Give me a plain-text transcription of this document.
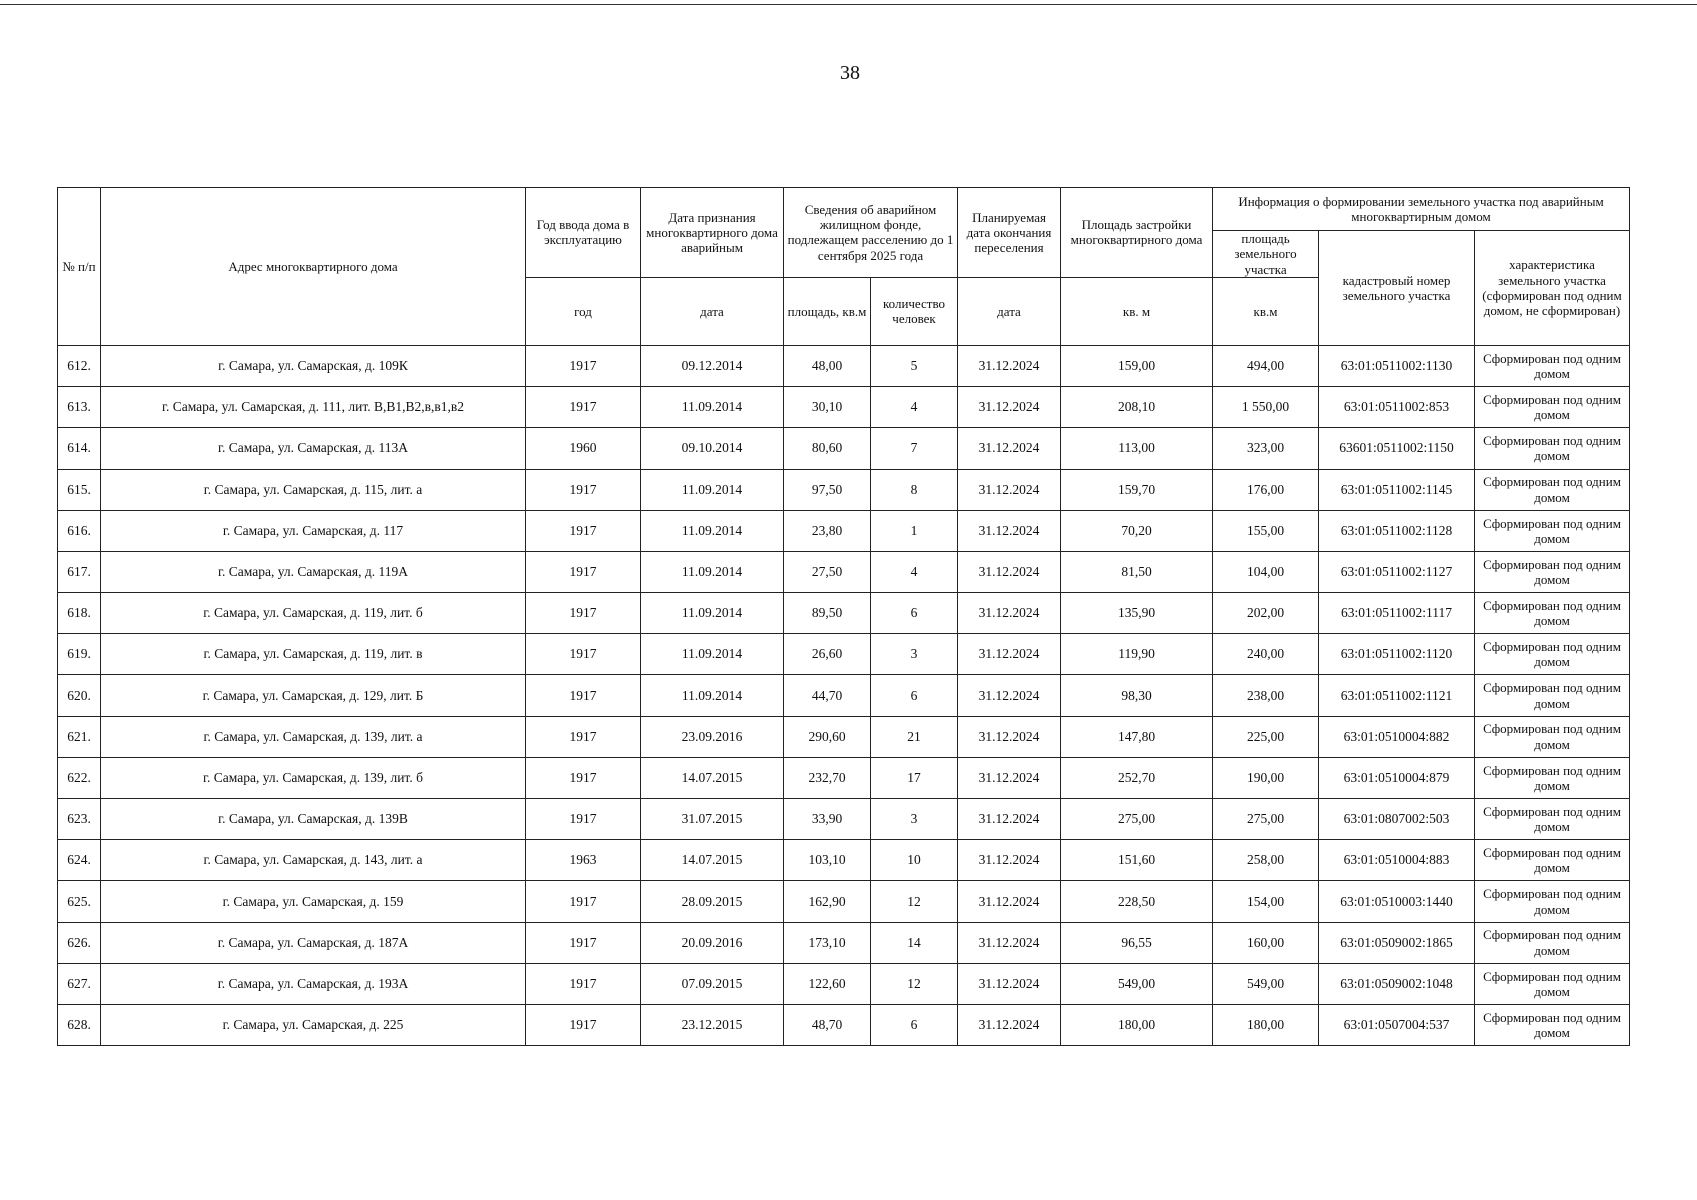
38
№ п/п	Адрес многоквартирного дома	Год ввода дома в эксплуатацию	Дата признания многоквартирного дома аварийным	Сведения об аварийном жилищном фонде, подлежащем расселению до 1 сентября 2025 года		Планируемая дата окончания переселения	Площадь застройки многоквартирного дома	Информация о формировании земельного участка под аварийным многоквартирным домом		
								площадь земельного участка	кадастровый номер земельного участка	характеристика земельного участка (сформирован под одним домом, не сформирован)
		год	дата	площадь, кв.м	количество человек	дата	кв. м	кв.м		
612.	г. Самара, ул. Самарская, д. 109К	1917	09.12.2014	48,00	5	31.12.2024	159,00	494,00	63:01:0511002:1130	Сформирован под одним домом
613.	г. Самара, ул. Самарская, д. 111, лит. В,В1,В2,в,в1,в2	1917	11.09.2014	30,10	4	31.12.2024	208,10	1 550,00	63:01:0511002:853	Сформирован под одним домом
614.	г. Самара, ул. Самарская, д. 113А	1960	09.10.2014	80,60	7	31.12.2024	113,00	323,00	63601:0511002:1150	Сформирован под одним домом
615.	г. Самара, ул. Самарская, д. 115, лит. а	1917	11.09.2014	97,50	8	31.12.2024	159,70	176,00	63:01:0511002:1145	Сформирован под одним домом
616.	г. Самара, ул. Самарская, д. 117	1917	11.09.2014	23,80	1	31.12.2024	70,20	155,00	63:01:0511002:1128	Сформирован под одним домом
617.	г. Самара, ул. Самарская, д. 119А	1917	11.09.2014	27,50	4	31.12.2024	81,50	104,00	63:01:0511002:1127	Сформирован под одним домом
618.	г. Самара, ул. Самарская, д. 119, лит. б	1917	11.09.2014	89,50	6	31.12.2024	135,90	202,00	63:01:0511002:1117	Сформирован под одним домом
619.	г. Самара, ул. Самарская, д. 119, лит. в	1917	11.09.2014	26,60	3	31.12.2024	119,90	240,00	63:01:0511002:1120	Сформирован под одним домом
620.	г. Самара, ул. Самарская, д. 129, лит. Б	1917	11.09.2014	44,70	6	31.12.2024	98,30	238,00	63:01:0511002:1121	Сформирован под одним домом
621.	г. Самара, ул. Самарская, д. 139, лит. а	1917	23.09.2016	290,60	21	31.12.2024	147,80	225,00	63:01:0510004:882	Сформирован под одним домом
622.	г. Самара, ул. Самарская, д. 139, лит. б	1917	14.07.2015	232,70	17	31.12.2024	252,70	190,00	63:01:0510004:879	Сформирован под одним домом
623.	г. Самара, ул. Самарская, д. 139В	1917	31.07.2015	33,90	3	31.12.2024	275,00	275,00	63:01:0807002:503	Сформирован под одним домом
624.	г. Самара, ул. Самарская, д. 143, лит. а	1963	14.07.2015	103,10	10	31.12.2024	151,60	258,00	63:01:0510004:883	Сформирован под одним домом
625.	г. Самара, ул. Самарская, д. 159	1917	28.09.2015	162,90	12	31.12.2024	228,50	154,00	63:01:0510003:1440	Сформирован под одним домом
626.	г. Самара, ул. Самарская, д. 187А	1917	20.09.2016	173,10	14	31.12.2024	96,55	160,00	63:01:0509002:1865	Сформирован под одним домом
627.	г. Самара, ул. Самарская, д. 193А	1917	07.09.2015	122,60	12	31.12.2024	549,00	549,00	63:01:0509002:1048	Сформирован под одним домом
628.	г. Самара, ул. Самарская, д. 225	1917	23.12.2015	48,70	6	31.12.2024	180,00	180,00	63:01:0507004:537	Сформирован под одним домом
